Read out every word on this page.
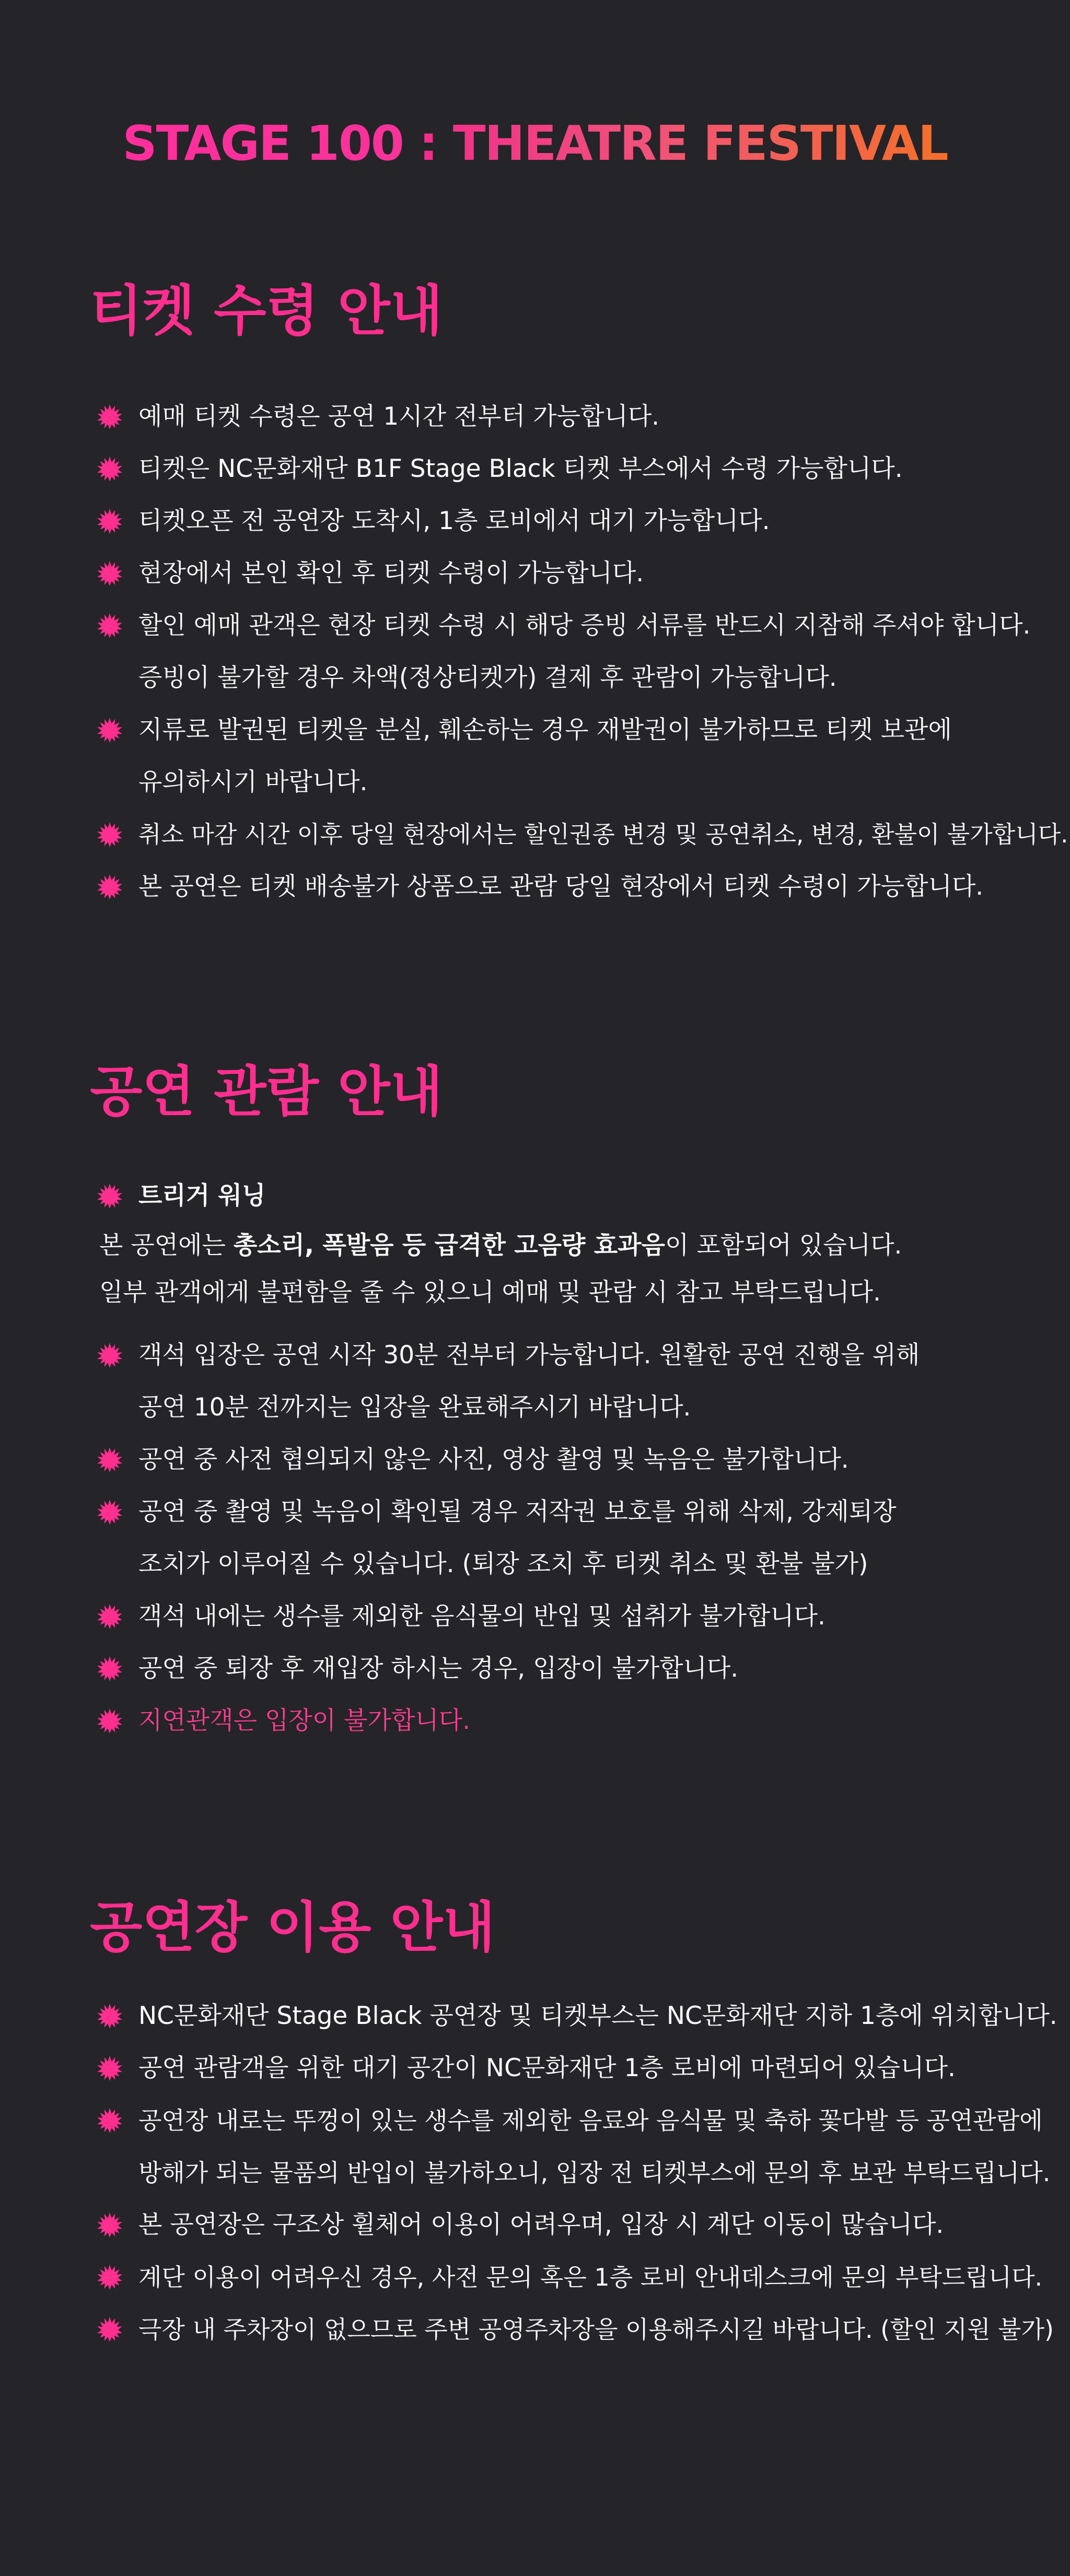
STAGE 100 : THEATRE FESTIVAL
티켓 수령 안내
예매 티켓 수령은 공연 1시간 전부터 가능합니다.
티켓은 NC문화재단 B1F Stage Black 티켓 부스에서 수령 가능합니다.
티켓오픈 전 공연장 도착시, 1층 로비에서 대기 가능합니다.
현장에서 본인 확인 후 티켓 수령이 가능합니다.
할인 예매 관객은 현장 티켓 수령 시 해당 증빙 서류를 반드시 지참해 주셔야 합니다.
증빙이 불가할 경우 차액(정상티켓가) 결제 후 관람이 가능합니다.
지류로 발권된 티켓을 분실, 훼손하는 경우 재발권이 불가하므로 티켓 보관에
유의하시기 바랍니다.
취소 마감 시간 이후 당일 현장에서는 할인권종 변경 및 공연취소, 변경, 환불이 불가합니다.
본 공연은 티켓 배송불가 상품으로 관람 당일 현장에서 티켓 수령이 가능합니다.
공연 관람 안내
트리거 워닝
본 공연에는 총소리, 폭발음 등 급격한 고음량 효과음이 포함되어 있습니다.
일부 관객에게 불편함을 줄 수 있으니 예매 및 관람 시 참고 부탁드립니다.
객석 입장은 공연 시작 30분 전부터 가능합니다. 원활한 공연 진행을 위해
공연 10분 전까지는 입장을 완료해주시기 바랍니다.
공연 중 사전 협의되지 않은 사진, 영상 촬영 및 녹음은 불가합니다.
공연 중 촬영 및 녹음이 확인될 경우 저작권 보호를 위해 삭제, 강제퇴장
조치가 이루어질 수 있습니다. (퇴장 조치 후 티켓 취소 및 환불 불가)
객석 내에는 생수를 제외한 음식물의 반입 및 섭취가 불가합니다.
공연 중 퇴장 후 재입장 하시는 경우, 입장이 불가합니다.
지연관객은 입장이 불가합니다.
공연장 이용 안내
NC문화재단 Stage Black 공연장 및 티켓부스는 NC문화재단 지하 1층에 위치합니다.
공연 관람객을 위한 대기 공간이 NC문화재단 1층 로비에 마련되어 있습니다.
공연장 내로는 뚜껑이 있는 생수를 제외한 음료와 음식물 및 축하 꽃다발 등 공연관람에
방해가 되는 물품의 반입이 불가하오니, 입장 전 티켓부스에 문의 후 보관 부탁드립니다.
본 공연장은 구조상 휠체어 이용이 어려우며, 입장 시 계단 이동이 많습니다.
계단 이용이 어려우신 경우, 사전 문의 혹은 1층 로비 안내데스크에 문의 부탁드립니다.
극장 내 주차장이 없으므로 주변 공영주차장을 이용해주시길 바랍니다. (할인 지원 불가)
